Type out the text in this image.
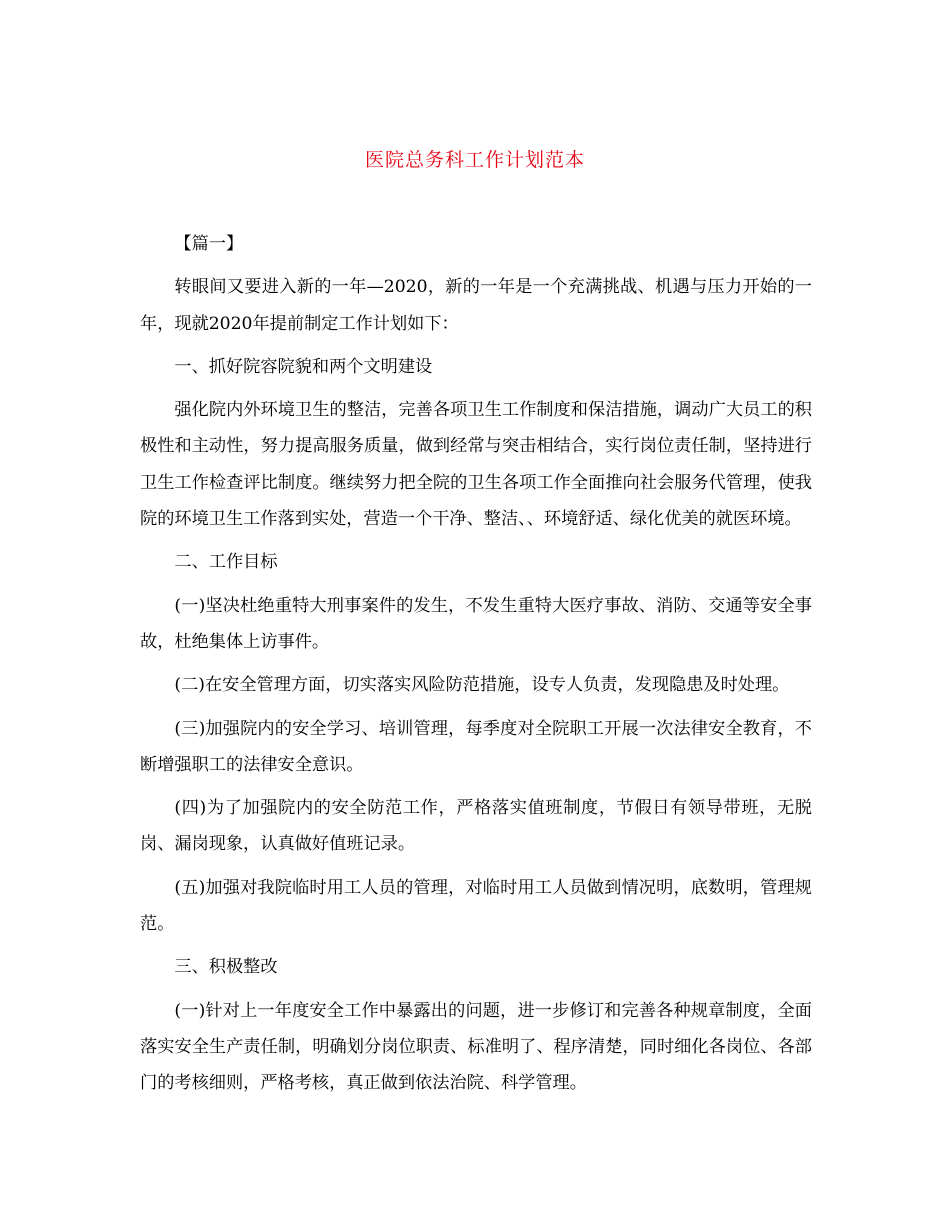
医院总务科工作计划范本

【篇一】

转眼间又要进入新的一年—2020，新的一年是一个充满挑战、机遇与压力开始的一年，现就2020年提前制定工作计划如下：

一、抓好院容院貌和两个文明建设

强化院内外环境卫生的整洁，完善各项卫生工作制度和保洁措施，调动广大员工的积极性和主动性，努力提高服务质量，做到经常与突击相结合，实行岗位责任制，坚持进行卫生工作检查评比制度。继续努力把全院的卫生各项工作全面推向社会服务代管理，使我院的环境卫生工作落到实处，营造一个干净、整洁、、环境舒适、绿化优美的就医环境。

二、工作目标

(一)坚决杜绝重特大刑事案件的发生，不发生重特大医疗事故、消防、交通等安全事故，杜绝集体上访事件。

(二)在安全管理方面，切实落实风险防范措施，设专人负责，发现隐患及时处理。

(三)加强院内的安全学习、培训管理，每季度对全院职工开展一次法律安全教育，不断增强职工的法律安全意识。

(四)为了加强院内的安全防范工作，严格落实值班制度，节假日有领导带班，无脱岗、漏岗现象，认真做好值班记录。

(五)加强对我院临时用工人员的管理，对临时用工人员做到情况明，底数明，管理规范。

三、积极整改

(一)针对上一年度安全工作中暴露出的问题，进一步修订和完善各种规章制度，全面落实安全生产责任制，明确划分岗位职责、标准明了、程序清楚，同时细化各岗位、各部门的考核细则，严格考核，真正做到依法治院、科学管理。
